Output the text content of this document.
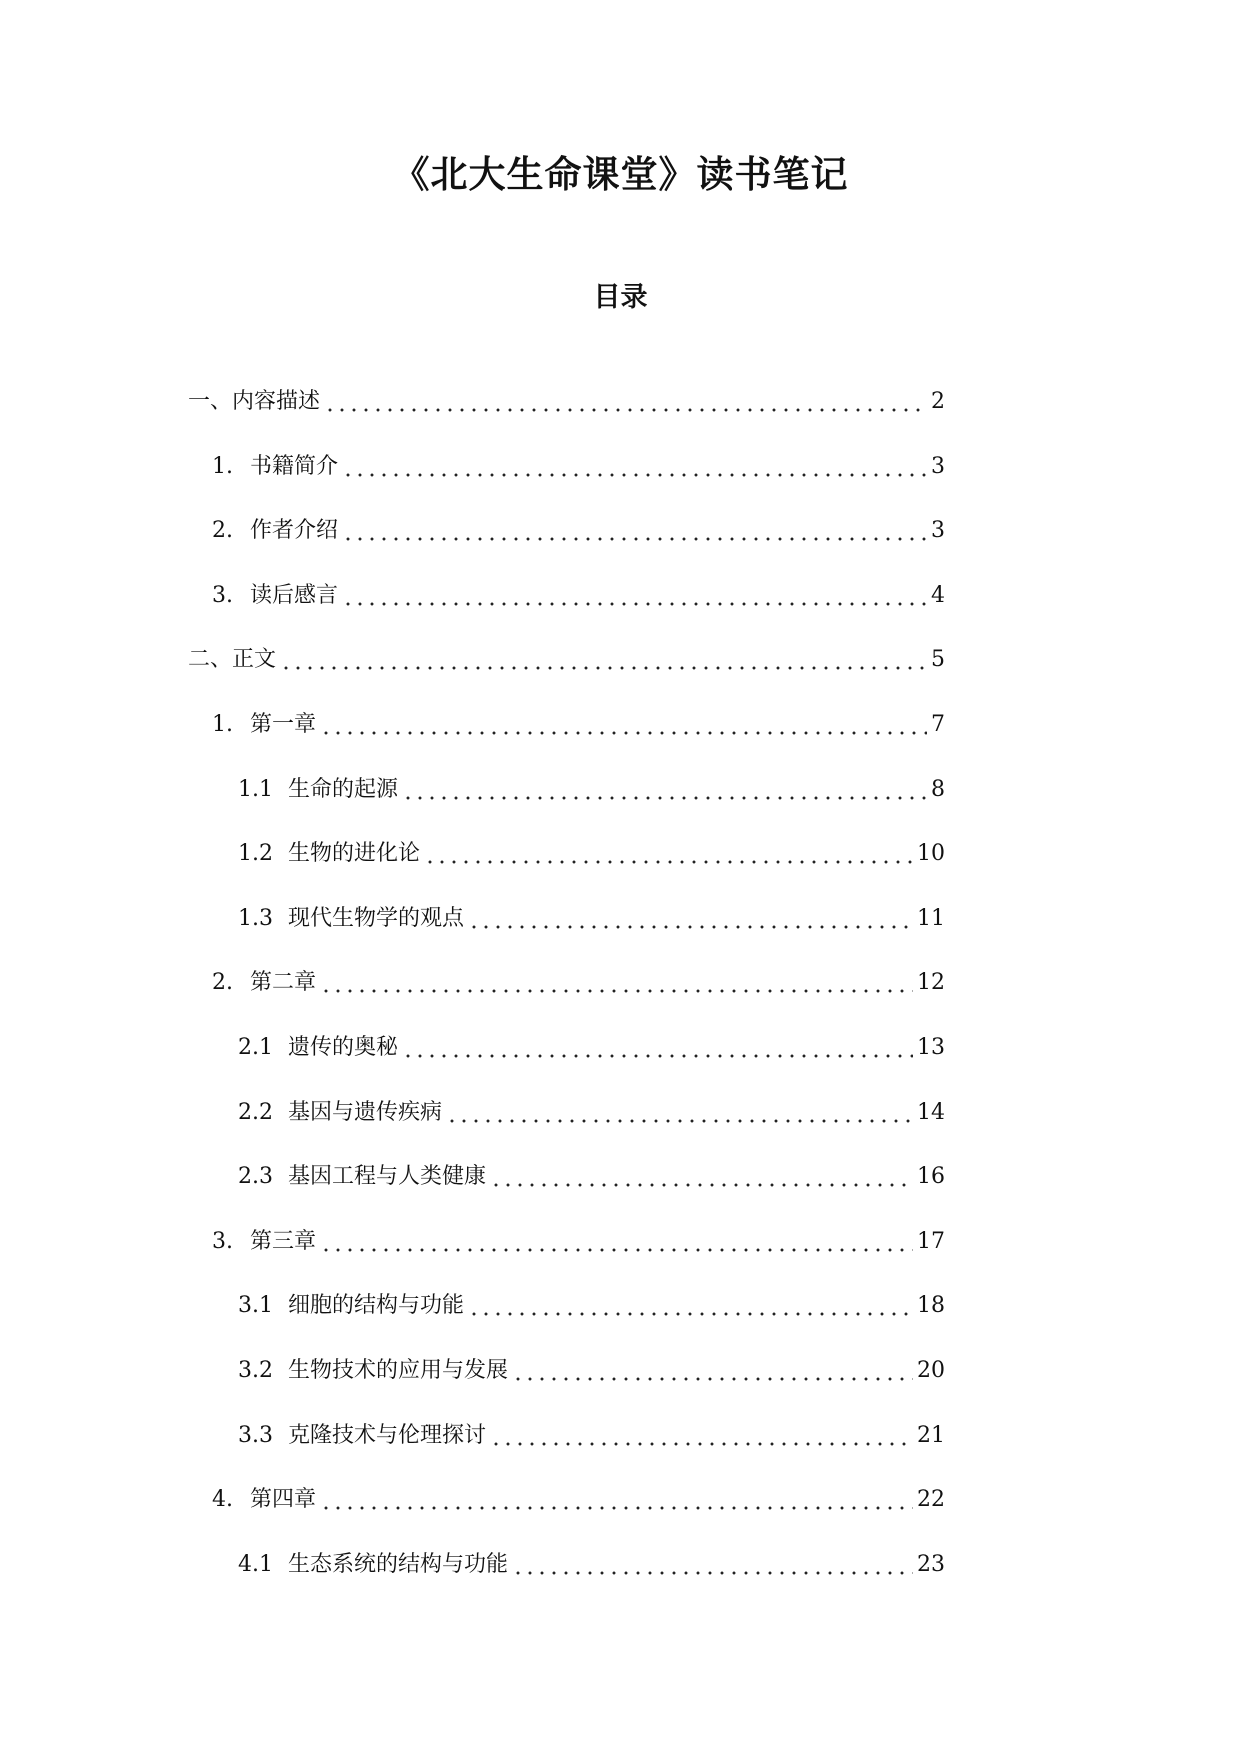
《北大生命课堂》读书笔记
目录
一、内容描述	2
1. 书籍简介	3
2. 作者介绍	3
3. 读后感言	4
二、正文	5
1. 第一章	7
1.1 生命的起源	8
1.2 生物的进化论	10
1.3 现代生物学的观点	11
2. 第二章	12
2.1 遗传的奥秘	13
2.2 基因与遗传疾病	14
2.3 基因工程与人类健康	16
3. 第三章	17
3.1 细胞的结构与功能	18
3.2 生物技术的应用与发展	20
3.3 克隆技术与伦理探讨	21
4. 第四章	22
4.1 生态系统的结构与功能	23
